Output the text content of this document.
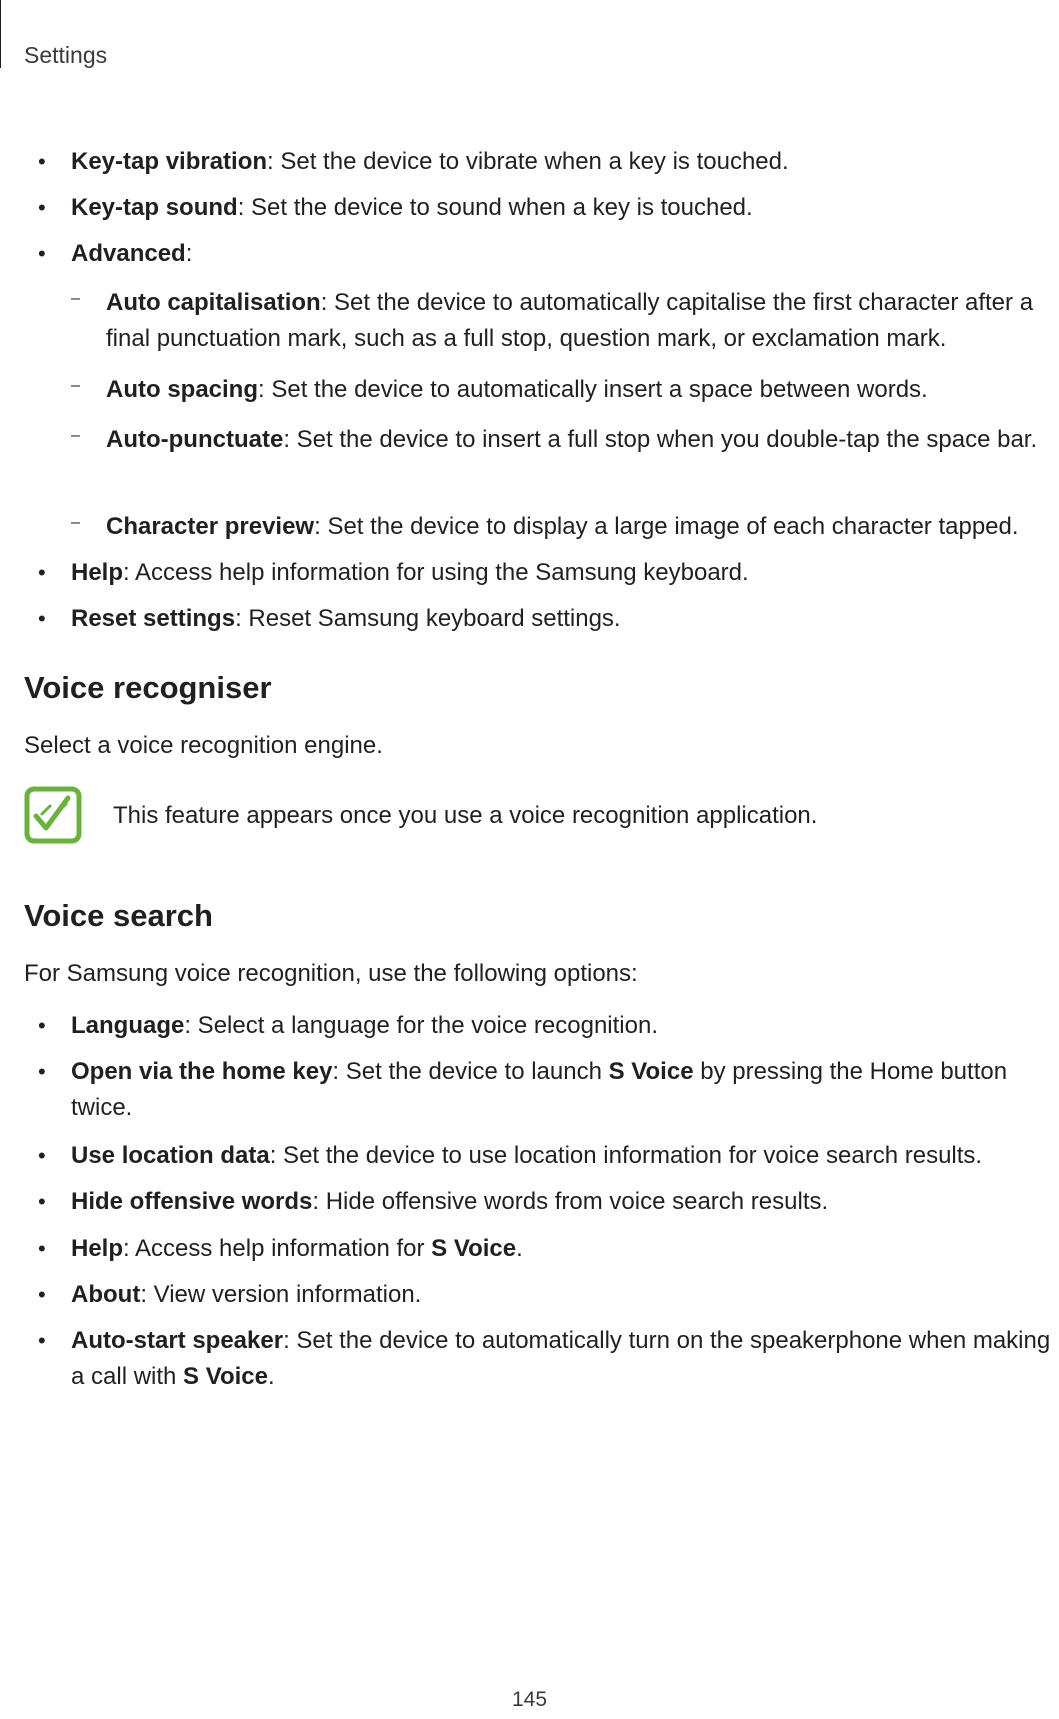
Settings
• Key-tap vibration: Set the device to vibrate when a key is touched.
• Key-tap sound: Set the device to sound when a key is touched.
• Advanced:
– Auto capitalisation: Set the device to automatically capitalise the first character after a final punctuation mark, such as a full stop, question mark, or exclamation mark.
– Auto spacing: Set the device to automatically insert a space between words.
– Auto-punctuate: Set the device to insert a full stop when you double-tap the space bar.
– Character preview: Set the device to display a large image of each character tapped.
• Help: Access help information for using the Samsung keyboard.
• Reset settings: Reset Samsung keyboard settings.
Voice recogniser
Select a voice recognition engine.
This feature appears once you use a voice recognition application.
Voice search
For Samsung voice recognition, use the following options:
• Language: Select a language for the voice recognition.
• Open via the home key: Set the device to launch S Voice by pressing the Home button twice.
• Use location data: Set the device to use location information for voice search results.
• Hide offensive words: Hide offensive words from voice search results.
• Help: Access help information for S Voice.
• About: View version information.
• Auto-start speaker: Set the device to automatically turn on the speakerphone when making a call with S Voice.
145
